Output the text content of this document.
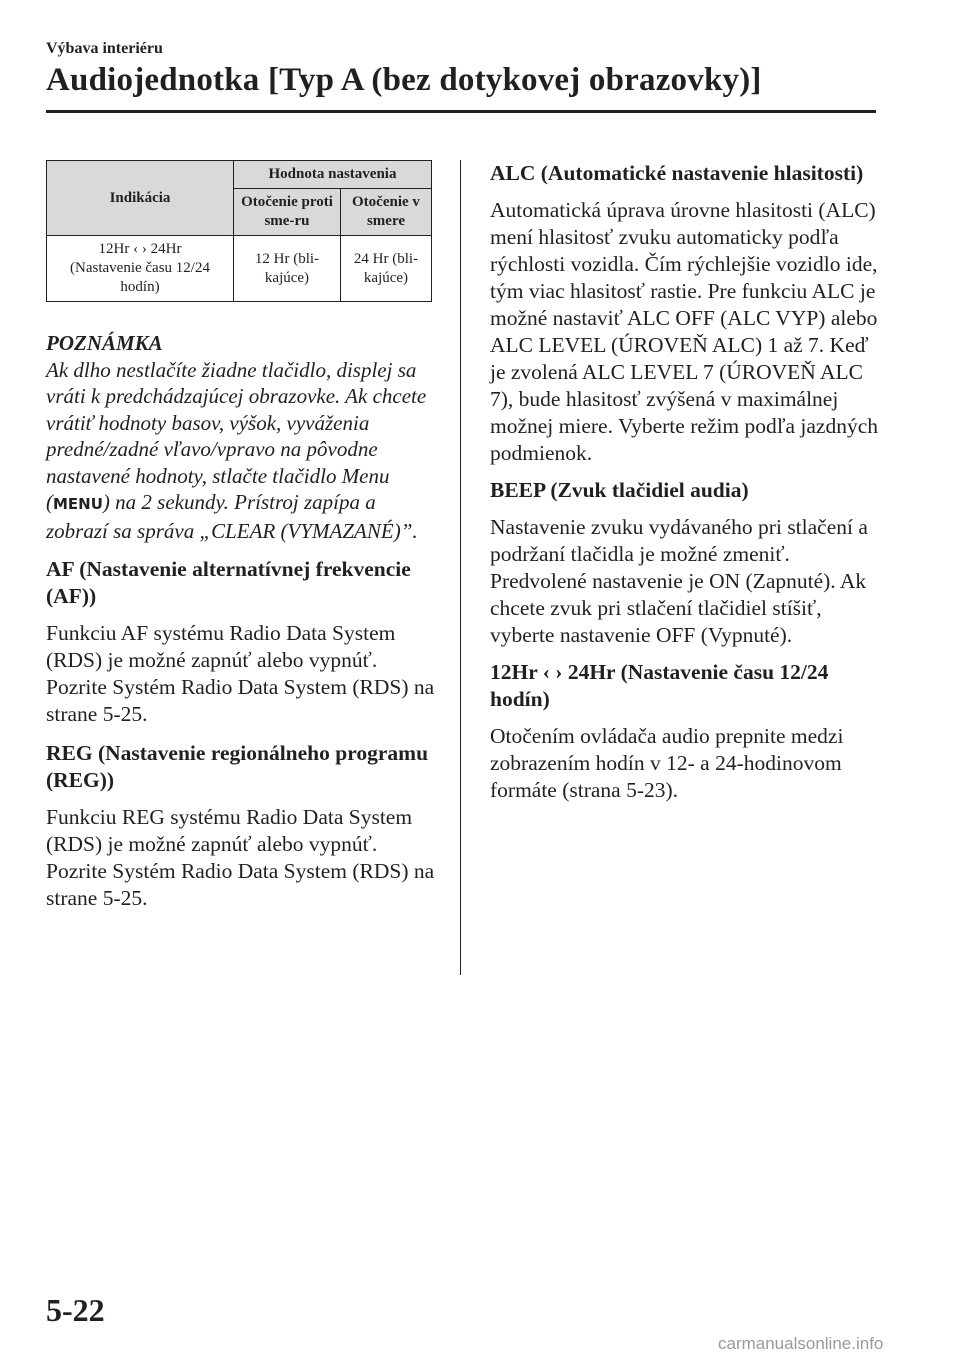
Výbava interiéru
Audiojednotka [Typ A (bez dotykovej obrazovky)]
Indikácia	Hodnota nastavenia	
	Otočenie proti sme-ru	Otočenie v smere

12Hr ‹ › 24Hr
(Nastavenie času 12/24 hodín)	12 Hr (bli-kajúce)	24 Hr (bli-kajúce)
POZNÁMKA
Ak dlho nestlačíte žiadne tlačidlo, displej sa vráti k predchádzajúcej obrazovke. Ak chcete vrátiť hodnoty basov, výšok, vyváženia predné/zadné vľavo/vpravo na pôvodne nastavené hodnoty, stlačte tlačidlo Menu (MENU) na 2 sekundy. Prístroj zapípa a zobrazí sa správa „CLEAR (VYMAZANÉ)”.
AF (Nastavenie alternatívnej frekvencie (AF))

Funkciu AF systému Radio Data System (RDS) je možné zapnúť alebo vypnúť. Pozrite Systém Radio Data System (RDS) na strane 5-25.

REG (Nastavenie regionálneho programu (REG))

Funkciu REG systému Radio Data System (RDS) je možné zapnúť alebo vypnúť. Pozrite Systém Radio Data System (RDS) na strane 5-25.

ALC (Automatické nastavenie hlasitosti)

Automatická úprava úrovne hlasitosti (ALC) mení hlasitosť zvuku automaticky podľa rýchlosti vozidla. Čím rýchlejšie vozidlo ide, tým viac hlasitosť rastie. Pre funkciu ALC je možné nastaviť ALC OFF (ALC VYP) alebo ALC LEVEL (ÚROVEŇ ALC) 1 až 7. Keď je zvolená ALC LEVEL 7 (ÚROVEŇ ALC 7), bude hlasitosť zvýšená v maximálnej možnej miere. Vyberte režim podľa jazdných podmienok.

BEEP (Zvuk tlačidiel audia)

Nastavenie zvuku vydávaného pri stlačení a podržaní tlačidla je možné zmeniť. Predvolené nastavenie je ON (Zapnuté). Ak chcete zvuk pri stlačení tlačidiel stíšiť, vyberte nastavenie OFF (Vypnuté).

12Hr ‹ › 24Hr (Nastavenie času 12/24 hodín)

Otočením ovládača audio prepnite medzi zobrazením hodín v 12- a 24-hodinovom formáte (strana 5-23).

5-22
carmanualsonline.info
